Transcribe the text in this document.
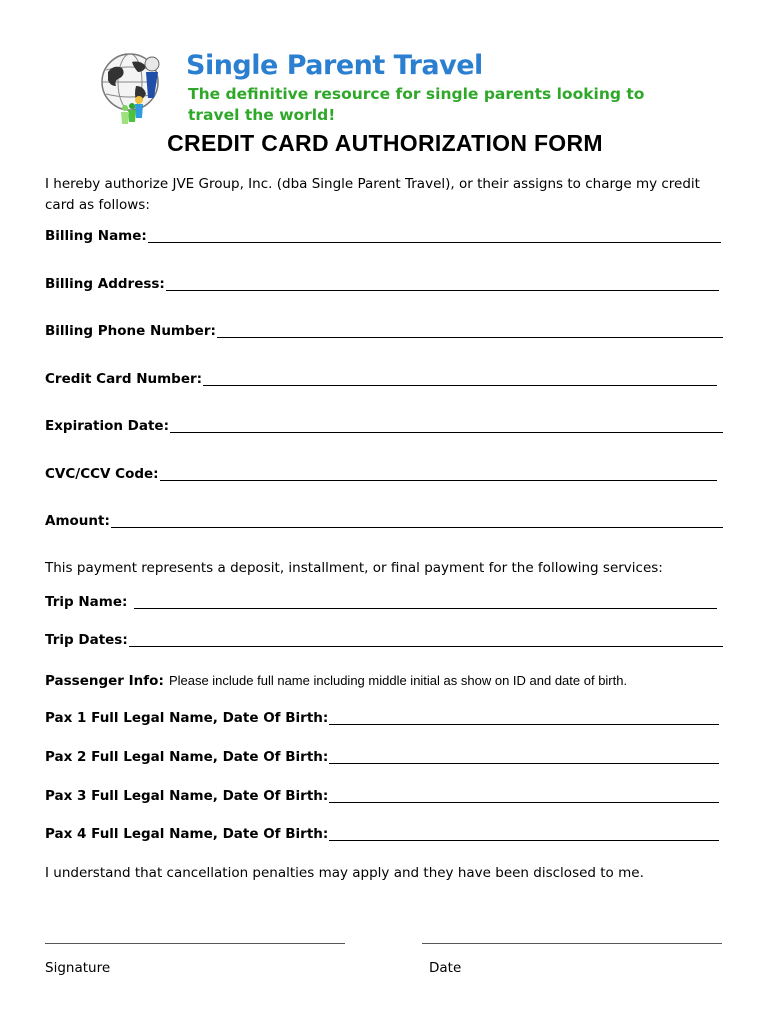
Single Parent Travel
The definitive resource for single parents looking to travel the world!
CREDIT CARD AUTHORIZATION FORM
I hereby authorize JVE Group, Inc. (dba Single Parent Travel), or their assigns to charge my credit card as follows:
Billing Name:
Billing Address:
Billing Phone Number:
Credit Card Number:
Expiration Date:
CVC/CCV Code:
Amount:
This payment represents a deposit, installment, or final payment for the following services:
Trip Name:
Trip Dates:
Passenger Info: Please include full name including middle initial as show on ID and date of birth.
Pax 1 Full Legal Name, Date Of Birth:
Pax 2 Full Legal Name, Date Of Birth:
Pax 3 Full Legal Name, Date Of Birth:
Pax 4 Full Legal Name, Date Of Birth:
I understand that cancellation penalties may apply and they have been disclosed to me.
Signature	Date
